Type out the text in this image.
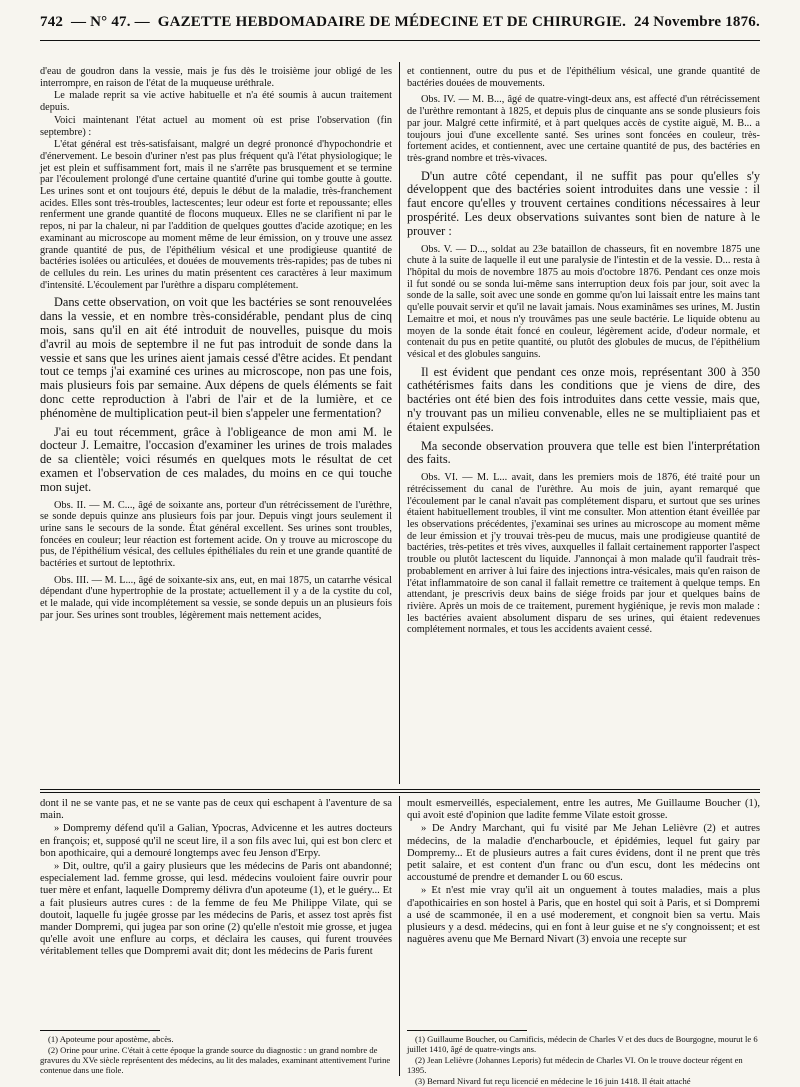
742 — N° 47. — GAZETTE HEBDOMADAIRE DE MÉDECINE ET DE CHIRURGIE. 24 Novembre 1876.

d'eau de goudron dans la vessie, mais je fus dès le troisième jour obligé de les interrompre, en raison de l'état de la muqueuse uréthrale.

Le malade reprit sa vie active habituelle et n'a été soumis à aucun traitement depuis.

Voici maintenant l'état actuel au moment où est prise l'observation (fin septembre) :

L'état général est très-satisfaisant, malgré un degré prononcé d'hypochondrie et d'énervement. Le besoin d'uriner n'est pas plus fréquent qu'à l'état physiologique; le jet est plein et suffisamment fort, mais il ne s'arrête pas brusquement et se termine par l'écoulement prolongé d'une certaine quantité d'urine qui tombe goutte à goutte. Les urines sont et ont toujours été, depuis le début de la maladie, très-franchement acides. Elles sont très-troubles, lactescentes; leur odeur est forte et repoussante; elles renferment une grande quantité de flocons muqueux. Elles ne se clarifient ni par le repos, ni par la chaleur, ni par l'addition de quelques gouttes d'acide azotique; en les examinant au microscope au moment même de leur émission, on y trouve une assez grande quantité de pus, de l'épithélium vésical et une prodigieuse quantité de bactéries isolées ou articulées, et douées de mouvements très-rapides; pas de tubes ni de cellules du rein. Les urines du matin présentent ces caractères à leur maximum d'intensité. L'écoulement par l'urèthre a disparu complétement.

Dans cette observation, on voit que les bactéries se sont renouvelées dans la vessie, et en nombre très-considérable, pendant plus de cinq mois, sans qu'il en ait été introduit de nouvelles, puisque du mois d'avril au mois de septembre il ne fut pas introduit de sonde dans la vessie et sans que les urines aient jamais cessé d'être acides. Et pendant tout ce temps j'ai examiné ces urines au microscope, non pas une fois, mais plusieurs fois par semaine. Aux dépens de quels éléments se fait donc cette reproduction à l'abri de l'air et de la lumière, et ce phénomène de multiplication peut-il bien s'appeler une fermentation?

J'ai eu tout récemment, grâce à l'obligeance de mon ami M. le docteur J. Lemaitre, l'occasion d'examiner les urines de trois malades de sa clientèle; voici résumés en quelques mots le résultat de cet examen et l'observation de ces malades, du moins en ce qui touche mon sujet.

Obs. II. — M. C..., âgé de soixante ans, porteur d'un rétrécissement de l'urèthre, se sonde depuis quinze ans plusieurs fois par jour. Depuis vingt jours seulement il urine sans le secours de la sonde. État général excellent. Ses urines sont troubles, foncées en couleur; leur réaction est fortement acide. On y trouve au microscope du pus, de l'épithélium vésical, des cellules épithéliales du rein et une grande quantité de bactéries et surtout de leptothrix.

Obs. III. — M. L..., âgé de soixante-six ans, eut, en mai 1875, un catarrhe vésical dépendant d'une hypertrophie de la prostate; actuellement il y a de la cystite du col, et le malade, qui vide incomplétement sa vessie, se sonde depuis un an plusieurs fois par jour. Ses urines sont troubles, légèrement mais nettement acides,

et contiennent, outre du pus et de l'épithélium vésical, une grande quantité de bactéries douées de mouvements.

Obs. IV. — M. B..., âgé de quatre-vingt-deux ans, est affecté d'un rétrécissement de l'urèthre remontant à 1825, et depuis plus de cinquante ans se sonde plusieurs fois par jour. Malgré cette infirmité, et à part quelques accès de cystite aiguë, M. B... a toujours joui d'une excellente santé. Ses urines sont foncées en couleur, très-fortement acides, et contiennent, avec une certaine quantité de pus, des bactéries en très-grand nombre et très-vivaces.

D'un autre côté cependant, il ne suffit pas pour qu'elles s'y développent que des bactéries soient introduites dans une vessie : il faut encore qu'elles y trouvent certaines conditions nécessaires à leur prospérité. Les deux observations suivantes sont bien de nature à le prouver :

Obs. V. — D..., soldat au 23e bataillon de chasseurs, fit en novembre 1875 une chute à la suite de laquelle il eut une paralysie de l'intestin et de la vessie. D... resta à l'hôpital du mois de novembre 1875 au mois d'octobre 1876. Pendant ces onze mois il fut sondé ou se sonda lui-même sans interruption deux fois par jour, soit avec la sonde de la salle, soit avec une sonde en gomme qu'on lui laissait entre les mains tant qu'elle pouvait servir et qu'il ne lavait jamais. Nous examinâmes ses urines, M. Justin Lemaitre et moi, et nous n'y trouvâmes pas une seule bactérie. Le liquide obtenu au moyen de la sonde était foncé en couleur, légèrement acide, d'odeur normale, et contenait du pus en petite quantité, ou plutôt des globules de mucus, de l'épithélium vésical et des globules sanguins.

Il est évident que pendant ces onze mois, représentant 300 à 350 cathétérismes faits dans les conditions que je viens de dire, des bactéries ont été bien des fois introduites dans cette vessie, mais que, n'y trouvant pas un milieu convenable, elles ne se multipliaient pas et étaient expulsées.

Ma seconde observation prouvera que telle est bien l'interprétation des faits.

Obs. VI. — M. L... avait, dans les premiers mois de 1876, été traité pour un rétrécissement du canal de l'urèthre. Au mois de juin, ayant remarqué que l'écoulement par le canal n'avait pas complétement disparu, et surtout que ses urines étaient habituellement troubles, il vint me consulter. Mon attention étant éveillée par les observations précédentes, j'examinai ses urines au microscope au moment même de leur émission et j'y trouvai très-peu de mucus, mais une prodigieuse quantité de bactéries, très-petites et très vives, auxquelles il fallait certainement rapporter l'aspect trouble ou plutôt lactescent du liquide. J'annonçai à mon malade qu'il faudrait très-probablement en arriver à lui faire des injections intra-vésicales, mais qu'en raison de l'état inflammatoire de son canal il fallait remettre ce traitement à quelque temps. En attendant, je prescrivis deux bains de siége froids par jour et quelques bains de rivière. Après un mois de ce traitement, purement hygiénique, je revis mon malade : les bactéries avaient absolument disparu de ses urines, qui étaient redevenues complétement normales, et tous les accidents avaient cessé.

dont il ne se vante pas, et ne se vante pas de ceux qui eschapent à l'aventure de sa main.

» Dompremy défend qu'il a Galian, Ypocras, Advicenne et les autres docteurs en françois; et, supposé qu'il ne sceut lire, il a son fils avec lui, qui est bon clerc et bon apothicaire, qui a demouré longtemps avec feu Jenson d'Erpy.

» Dit, oultre, qu'il a gairy plusieurs que les médecins de Paris ont abandonné; especialement lad. femme grosse, qui lesd. médecins vouloient faire ouvrir pour tuer mère et enfant, laquelle Dompremy délivra d'un apoteume (1), et le guéry... Et a fait plusieurs autres cures : de la femme de feu Me Philippe Vilate, qui se doutoit, laquelle fu jugée grosse par les médecins de Paris, et assez tost après fist mander Dompremi, qui jugea par son orine (2) qu'elle n'estoit mie grosse, et jugea qu'elle avoit une enflure au corps, et déclaira les causes, qui furent trouvées véritablement telles que Dompremi avait dit; dont les médecins de Paris furent

moult esmerveillés, especialement, entre les autres, Me Guillaume Boucher (1), qui avoit esté d'opinion que ladite femme Vilate estoit grosse.

» De Andry Marchant, qui fu visité par Me Jehan Lelièvre (2) et autres médecins, de la maladie d'encharboucle, et épidémies, lequel fut gairy par Dompremy... Et de plusieurs autres a fait cures évidens, dont il ne prent que très petit salaire, et est content d'un franc ou d'un escu, dont les médecins ont accoustumé de prendre et demander L ou 60 escus.

» Et n'est mie vray qu'il ait un onguement à toutes maladies, mais a plus d'apothicairies en son hostel à Paris, que en hostel qui soit à Paris, et si Dompremi a usé de scammonée, il en a usé moderement, et congnoit bien sa vertu. Mais plusieurs y a desd. médecins, qui en font à leur guise et ne s'y congnoissent; et est naguères avenu que Me Bernard Nivart (3) envoia une recepte sur

(1) Apoteume pour apostème, abcès.

(2) Orine pour urine. C'était à cette époque la grande source du diagnostic : un grand nombre de gravures du XVe siècle représentent des médecins, au lit des malades, examinant attentivement l'urine contenue dans une fiole.

(1) Guillaume Boucher, ou Carnificis, médecin de Charles V et des ducs de Bourgogne, mourut le 6 juillet 1410, âgé de quatre-vingts ans.

(2) Jean Lelièvre (Johannes Leporis) fut médecin de Charles VI. On le trouve docteur régent en 1395.

(3) Bernard Nivard fut reçu licencié en médecine le 16 juin 1418. Il était attaché
